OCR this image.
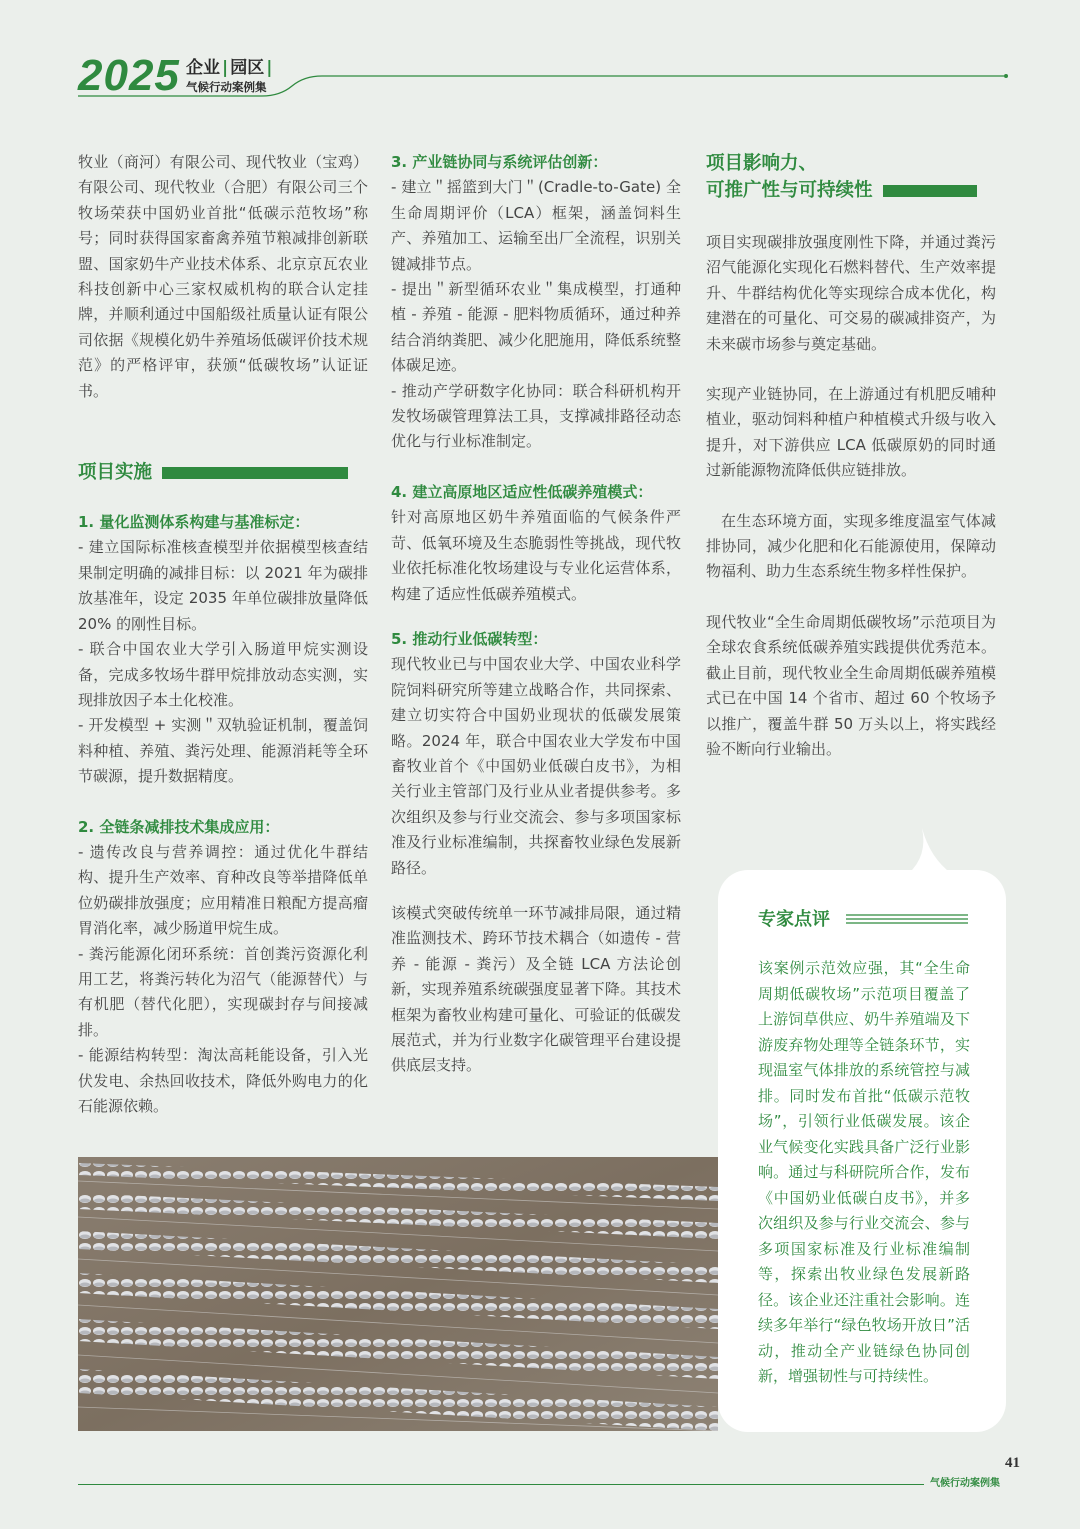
2025 企业 | 园区 |
气候行动案例集

牧业（商河）有限公司、现代牧业（宝鸡）有限公司、现代牧业（合肥）有限公司三个牧场荣获中国奶业首批“低碳示范牧场”称号；同时获得国家畜禽养殖节粮减排创新联盟、国家奶牛产业技术体系、北京京瓦农业科技创新中心三家权威机构的联合认定挂牌，并顺利通过中国船级社质量认证有限公司依据《规模化奶牛养殖场低碳评价技术规范》的严格评审，获颁“低碳牧场”认证证书。

项目实施

1. 量化监测体系构建与基准标定：

- 建立国际标准核查模型并依据模型核查结果制定明确的减排目标：以 2021 年为碳排放基准年，设定 2035 年单位碳排放量降低 20% 的刚性目标。

- 联合中国农业大学引入肠道甲烷实测设备，完成多牧场牛群甲烷排放动态实测，实现排放因子本土化校准。

- 开发模型 + 实测＂双轨验证机制，覆盖饲料种植、养殖、粪污处理、能源消耗等全环节碳源，提升数据精度。

2. 全链条减排技术集成应用：

- 遗传改良与营养调控：通过优化牛群结构、提升生产效率、育种改良等举措降低单位奶碳排放强度；应用精准日粮配方提高瘤胃消化率，减少肠道甲烷生成。

- 粪污能源化闭环系统：首创粪污资源化利用工艺，将粪污转化为沼气（能源替代）与有机肥（替代化肥），实现碳封存与间接减排。

- 能源结构转型：淘汰高耗能设备，引入光伏发电、余热回收技术，降低外购电力的化石能源依赖。

3. 产业链协同与系统评估创新：

- 建立＂摇篮到大门＂(Cradle-to-Gate) 全生命周期评价（LCA）框架，涵盖饲料生产、养殖加工、运输至出厂全流程，识别关键减排节点。

- 提出＂新型循环农业＂集成模型，打通种植 - 养殖 - 能源 - 肥料物质循环，通过种养结合消纳粪肥、减少化肥施用，降低系统整体碳足迹。

- 推动产学研数字化协同：联合科研机构开发牧场碳管理算法工具，支撑减排路径动态优化与行业标准制定。

4. 建立高原地区适应性低碳养殖模式：

针对高原地区奶牛养殖面临的气候条件严苛、低氧环境及生态脆弱性等挑战，现代牧业依托标准化牧场建设与专业化运营体系，构建了适应性低碳养殖模式。

5. 推动行业低碳转型：

现代牧业已与中国农业大学、中国农业科学院饲料研究所等建立战略合作，共同探索、建立切实符合中国奶业现状的低碳发展策略。2024 年，联合中国农业大学发布中国畜牧业首个《中国奶业低碳白皮书》，为相关行业主管部门及行业从业者提供参考。多次组织及参与行业交流会、参与多项国家标准及行业标准编制，共探畜牧业绿色发展新路径。

该模式突破传统单一环节减排局限，通过精准监测技术、跨环节技术耦合（如遗传 - 营养 - 能源 - 粪污）及全链 LCA 方法论创新，实现养殖系统碳强度显著下降。其技术框架为畜牧业构建可量化、可验证的低碳发展范式，并为行业数字化碳管理平台建设提供底层支持。

项目影响力、
可推广性与可持续性

项目实现碳排放强度刚性下降，并通过粪污沼气能源化实现化石燃料替代、生产效率提升、牛群结构优化等实现综合成本优化，构建潜在的可量化、可交易的碳减排资产，为未来碳市场参与奠定基础。

实现产业链协同，在上游通过有机肥反哺种植业，驱动饲料种植户种植模式升级与收入提升，对下游供应 LCA 低碳原奶的同时通过新能源物流降低供应链排放。

在生态环境方面，实现多维度温室气体减排协同，减少化肥和化石能源使用，保障动物福利、助力生态系统生物多样性保护。

现代牧业“全生命周期低碳牧场”示范项目为全球农食系统低碳养殖实践提供优秀范本。截止目前，现代牧业全生命周期低碳养殖模式已在中国 14 个省市、超过 60 个牧场予以推广，覆盖牛群 50 万头以上，将实践经验不断向行业输出。

专家点评

该案例示范效应强，其“全生命周期低碳牧场”示范项目覆盖了上游饲草供应、奶牛养殖端及下游废弃物处理等全链条环节，实现温室气体排放的系统管控与减排。同时发布首批“低碳示范牧场”，引领行业低碳发展。该企业气候变化实践具备广泛行业影响。通过与科研院所合作，发布《中国奶业低碳白皮书》，并多次组织及参与行业交流会、参与多项国家标准及行业标准编制等，探索出牧业绿色发展新路径。该企业还注重社会影响。连续多年举行“绿色牧场开放日”活动，推动全产业链绿色协同创新，增强韧性与可持续性。

41
气候行动案例集
